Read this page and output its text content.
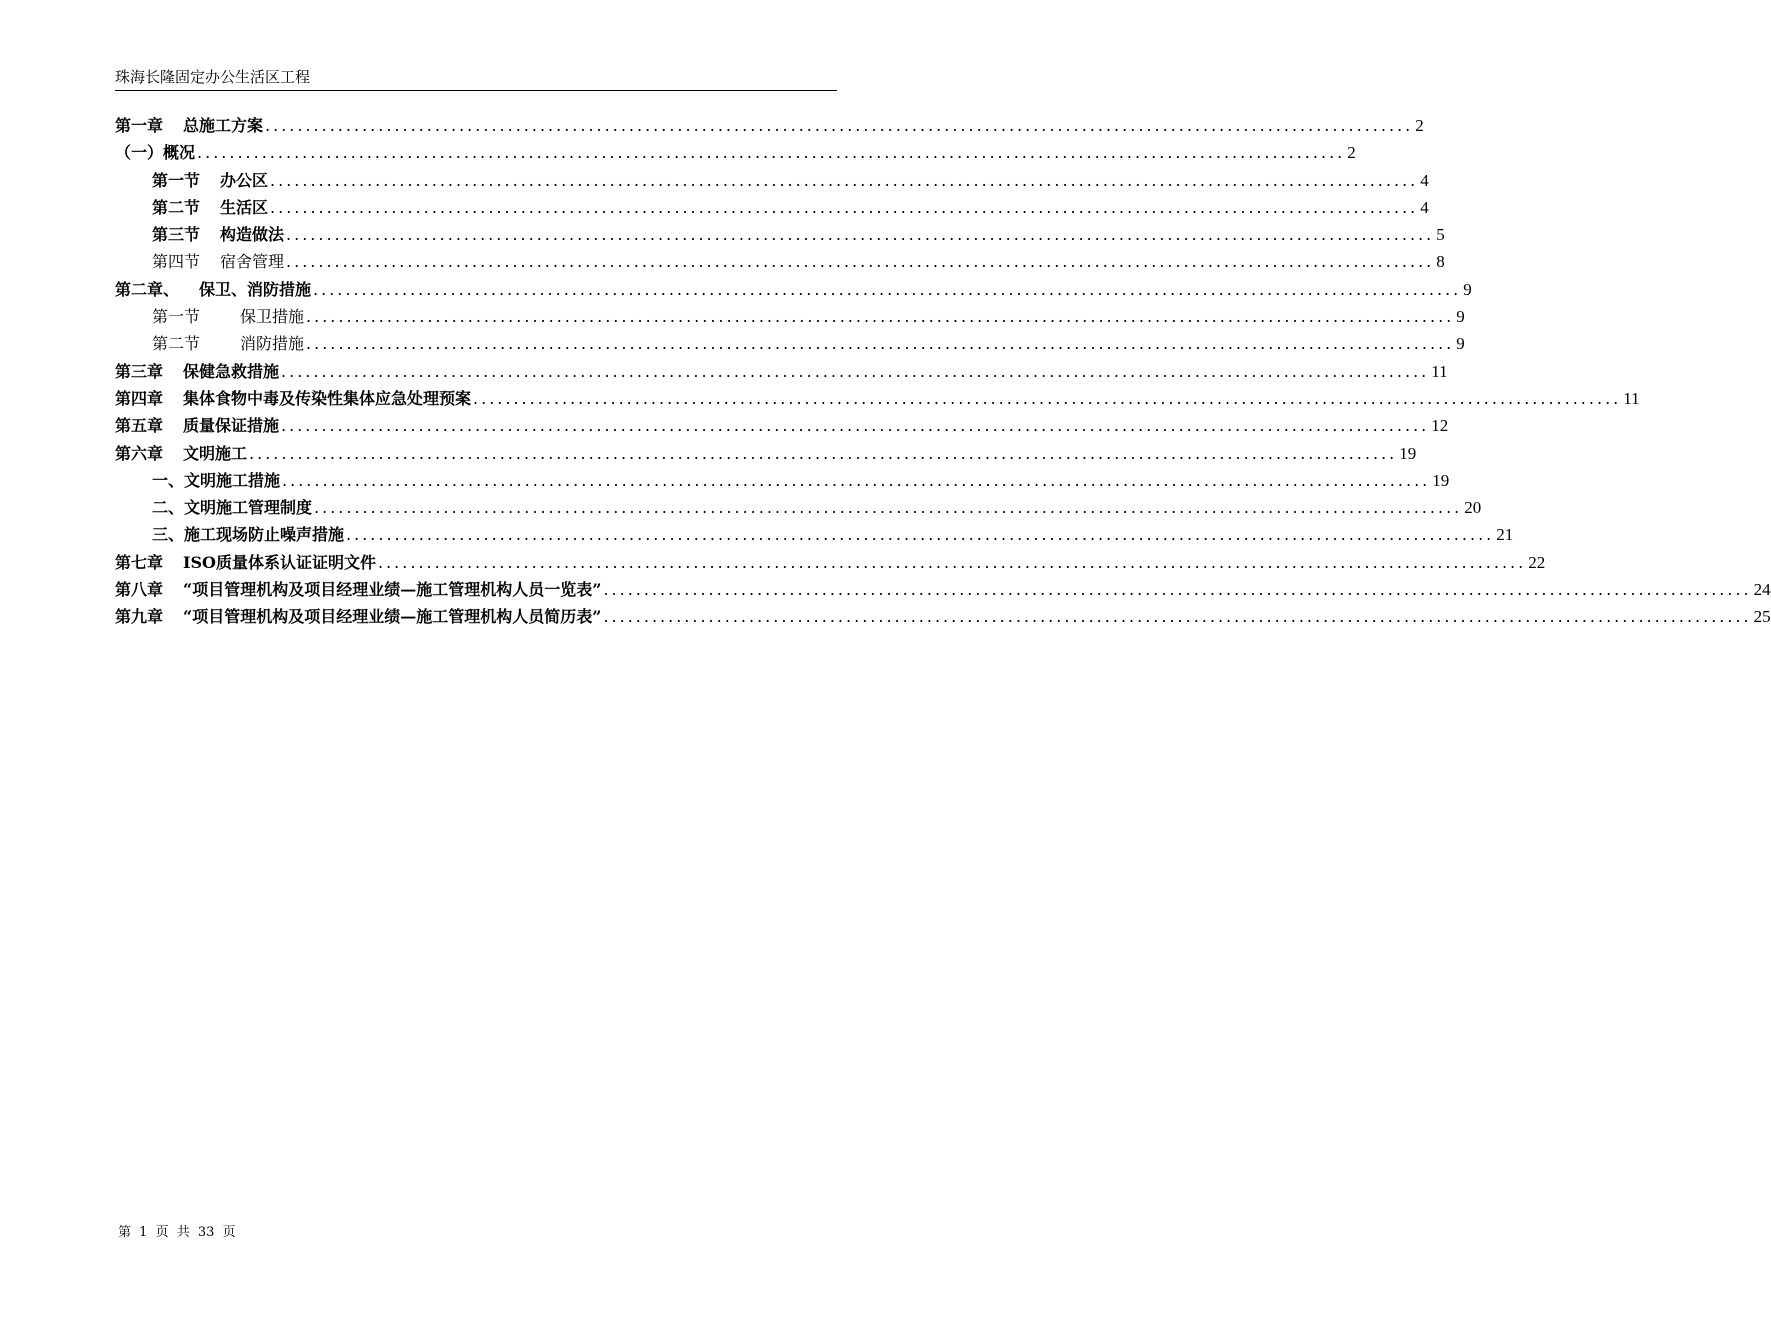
珠海长隆固定办公生活区工程
第一章 总施工方案 .............................................................................................................................................. 2
（一）概况 .............................................................................................................................................. 2
第一节 办公区 .............................................................................................................................................. 4
第二节 生活区 .............................................................................................................................................. 4
第三节 构造做法 .............................................................................................................................................. 5
第四节 宿舍管理 .............................................................................................................................................. 8
第二章、 保卫、消防措施 .............................................................................................................................................. 9
第一节	保卫措施 .............................................................................................................................................. 9
第二节	消防措施 .............................................................................................................................................. 9
第三章 保健急救措施 .............................................................................................................................................. 11
第四章 集体食物中毒及传染性集体应急处理预案 .............................................................................................................................................. 11
第五章 质量保证措施 .............................................................................................................................................. 12
第六章 文明施工 .............................................................................................................................................. 19
一、文明施工措施 .............................................................................................................................................. 19
二、文明施工管理制度 .............................................................................................................................................. 20
三、施工现场防止噪声措施 .............................................................................................................................................. 21
第七章 ISO质量体系认证证明文件 .............................................................................................................................................. 22
第八章 “项目管理机构及项目经理业绩—施工管理机构人员一览表” .............................................................................................................................................. 24
第九章 “项目管理机构及项目经理业绩—施工管理机构人员简历表” .............................................................................................................................................. 25
第 1 页 共 33 页
